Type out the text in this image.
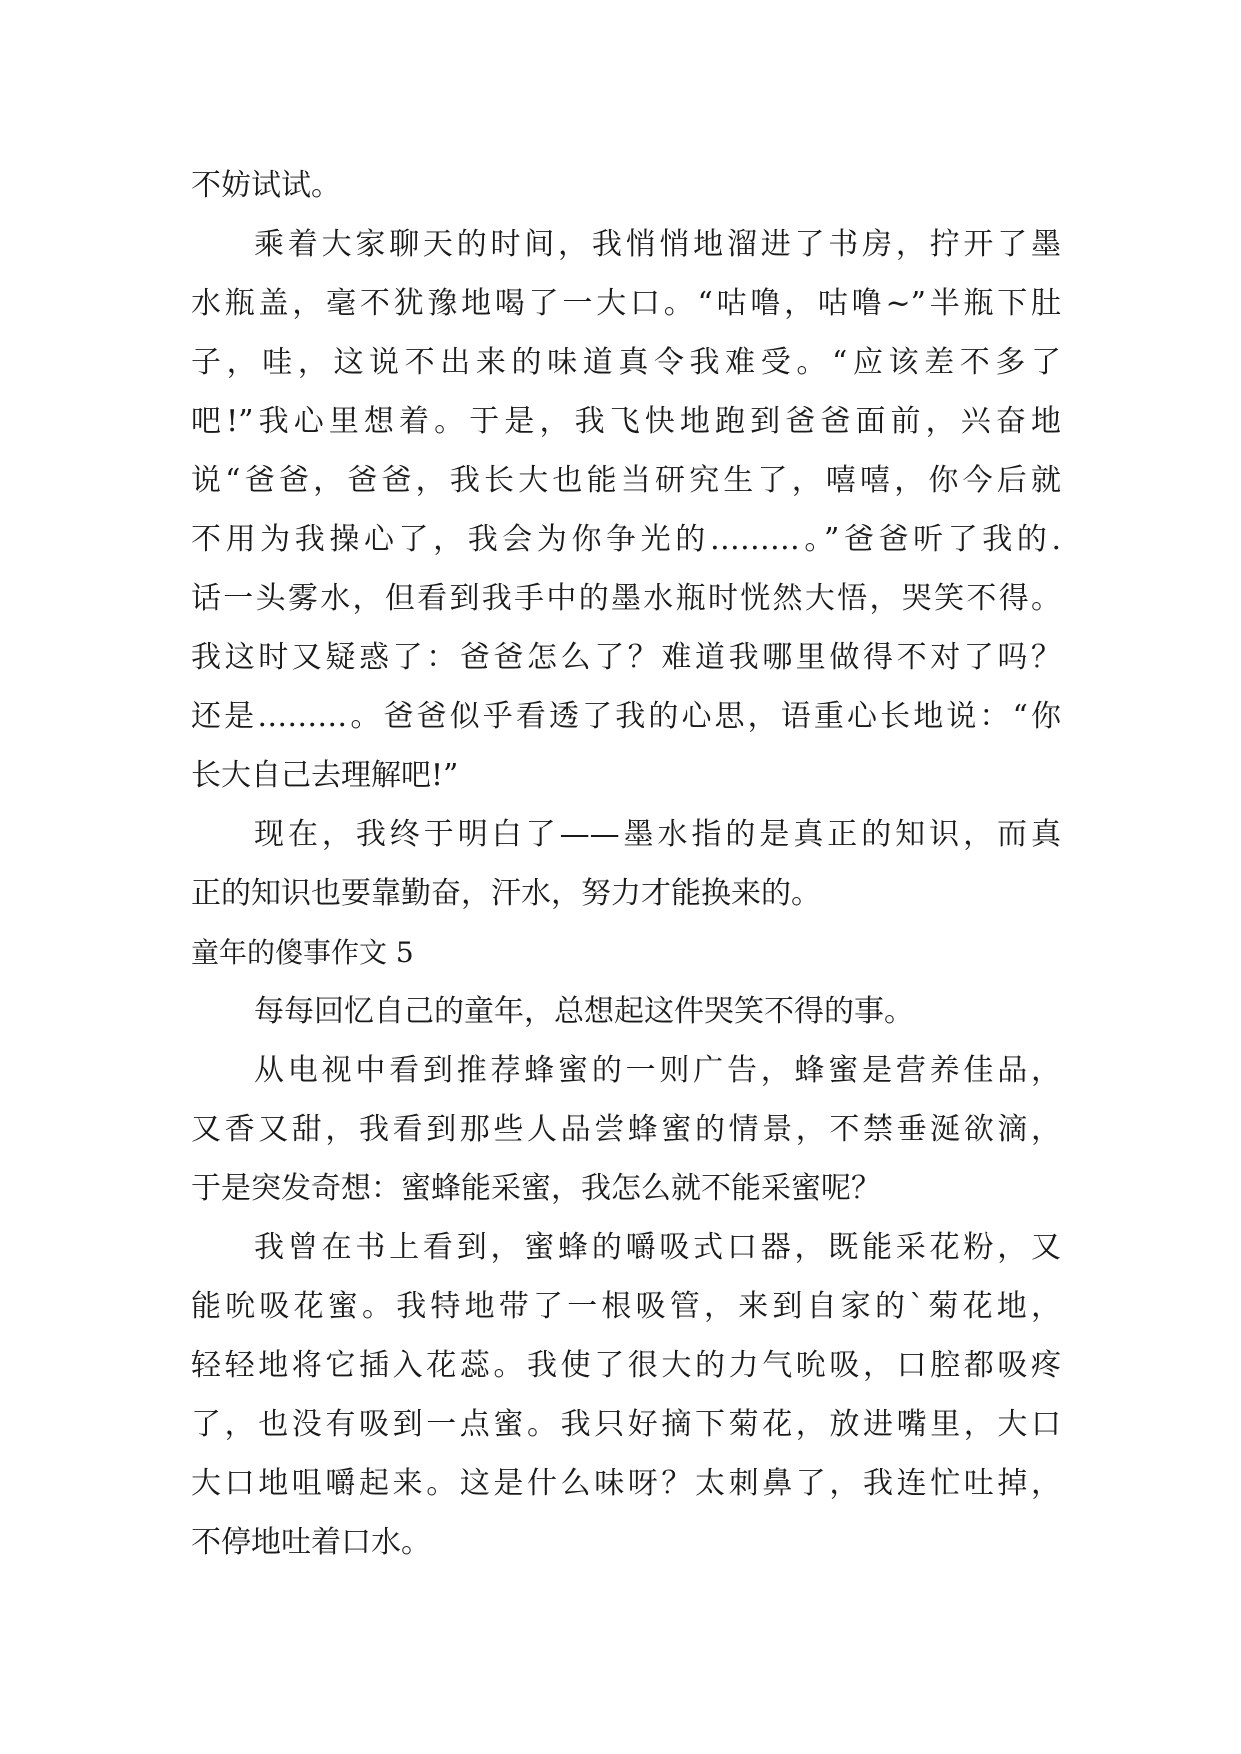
不妨试试。
乘着大家聊天的时间，我悄悄地溜进了书房，拧开了墨
水瓶盖，毫不犹豫地喝了一大口。“咕噜，咕噜~”半瓶下肚
子，哇，这说不出来的味道真令我难受。“应该差不多了
吧!”我心里想着。于是，我飞快地跑到爸爸面前，兴奋地
说“爸爸，爸爸，我长大也能当研究生了，嘻嘻，你今后就
不用为我操心了，我会为你争光的………。”爸爸听了我的.
话一头雾水，但看到我手中的墨水瓶时恍然大悟，哭笑不得。
我这时又疑惑了：爸爸怎么了？难道我哪里做得不对了吗？
还是………。爸爸似乎看透了我的心思，语重心长地说：“你
长大自己去理解吧!”
现在，我终于明白了——墨水指的是真正的知识，而真
正的知识也要靠勤奋，汗水，努力才能换来的。
童年的傻事作文 5
每每回忆自己的童年，总想起这件哭笑不得的事。
从电视中看到推荐蜂蜜的一则广告，蜂蜜是营养佳品，
又香又甜，我看到那些人品尝蜂蜜的情景，不禁垂涎欲滴，
于是突发奇想：蜜蜂能采蜜，我怎么就不能采蜜呢？
我曾在书上看到，蜜蜂的嚼吸式口器，既能采花粉，又
能吮吸花蜜。我特地带了一根吸管，来到自家的`菊花地，
轻轻地将它插入花蕊。我使了很大的力气吮吸，口腔都吸疼
了，也没有吸到一点蜜。我只好摘下菊花，放进嘴里，大口
大口地咀嚼起来。这是什么味呀？太刺鼻了，我连忙吐掉，
不停地吐着口水。
